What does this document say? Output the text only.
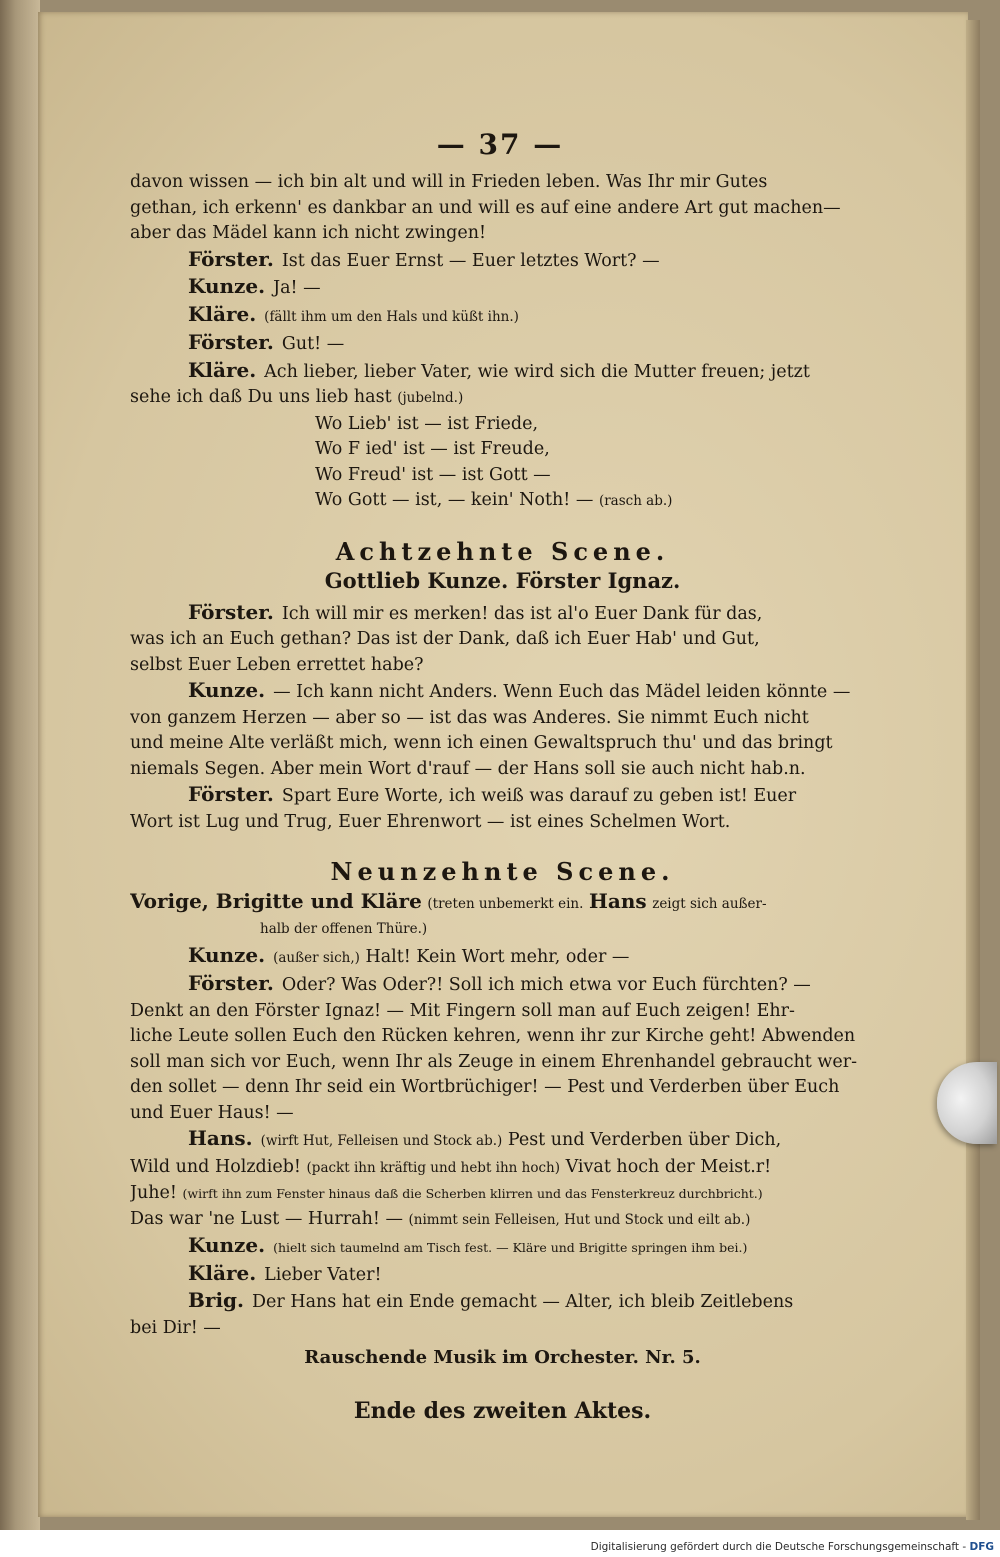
— 37 —
davon wissen — ich bin alt und will in Frieden leben. Was Ihr mir Gutes
gethan, ich erkenn' es dankbar an und will es auf eine andere Art gut machen—
aber das Mädel kann ich nicht zwingen!
Förster. Ist das Euer Ernst — Euer letztes Wort? —
Kunze. Ja! —
Kläre. (fällt ihm um den Hals und küßt ihn.)
Förster. Gut! —
Kläre. Ach lieber, lieber Vater, wie wird sich die Mutter freuen; jetzt
sehe ich daß Du uns lieb hast (jubelnd.)
Wo Lieb' ist — ist Friede,
Wo F ied' ist — ist Freude,
Wo Freud' ist — ist Gott —
Wo Gott — ist, — kein' Noth! — (rasch ab.)
Achtzehnte Scene.
Gottlieb Kunze. Förster Ignaz.
Förster. Ich will mir es merken! das ist al'o Euer Dank für das,
was ich an Euch gethan? Das ist der Dank, daß ich Euer Hab' und Gut,
selbst Euer Leben errettet habe?
Kunze. — Ich kann nicht Anders. Wenn Euch das Mädel leiden könnte —
von ganzem Herzen — aber so — ist das was Anderes. Sie nimmt Euch nicht
und meine Alte verläßt mich, wenn ich einen Gewaltspruch thu' und das bringt
niemals Segen. Aber mein Wort d'rauf — der Hans soll sie auch nicht hab.n.
Förster. Spart Eure Worte, ich weiß was darauf zu geben ist! Euer
Wort ist Lug und Trug, Euer Ehrenwort — ist eines Schelmen Wort.
Neunzehnte Scene.
Vorige, Brigitte und Kläre (treten unbemerkt ein. Hans zeigt sich außer-
halb der offenen Thüre.)
Kunze. (außer sich,) Halt! Kein Wort mehr, oder —
Förster. Oder? Was Oder?! Soll ich mich etwa vor Euch fürchten? —
Denkt an den Förster Ignaz! — Mit Fingern soll man auf Euch zeigen! Ehr-
liche Leute sollen Euch den Rücken kehren, wenn ihr zur Kirche geht! Abwenden
soll man sich vor Euch, wenn Ihr als Zeuge in einem Ehrenhandel gebraucht wer-
den sollet — denn Ihr seid ein Wortbrüchiger! — Pest und Verderben über Euch
und Euer Haus! —
Hans. (wirft Hut, Felleisen und Stock ab.) Pest und Verderben über Dich,
Wild und Holzdieb! (packt ihn kräftig und hebt ihn hoch) Vivat hoch der Meist.r!
Juhe! (wirft ihn zum Fenster hinaus daß die Scherben klirren und das Fensterkreuz durchbricht.)
Das war 'ne Lust — Hurrah! — (nimmt sein Felleisen, Hut und Stock und eilt ab.)
Kunze. (hielt sich taumelnd am Tisch fest. — Kläre und Brigitte springen ihm bei.)
Kläre. Lieber Vater!
Brig. Der Hans hat ein Ende gemacht — Alter, ich bleib Zeitlebens
bei Dir! —
Rauschende Musik im Orchester. Nr. 5.
Ende des zweiten Aktes.
Digitalisierung gefördert durch die Deutsche Forschungsgemeinschaft - DFG
